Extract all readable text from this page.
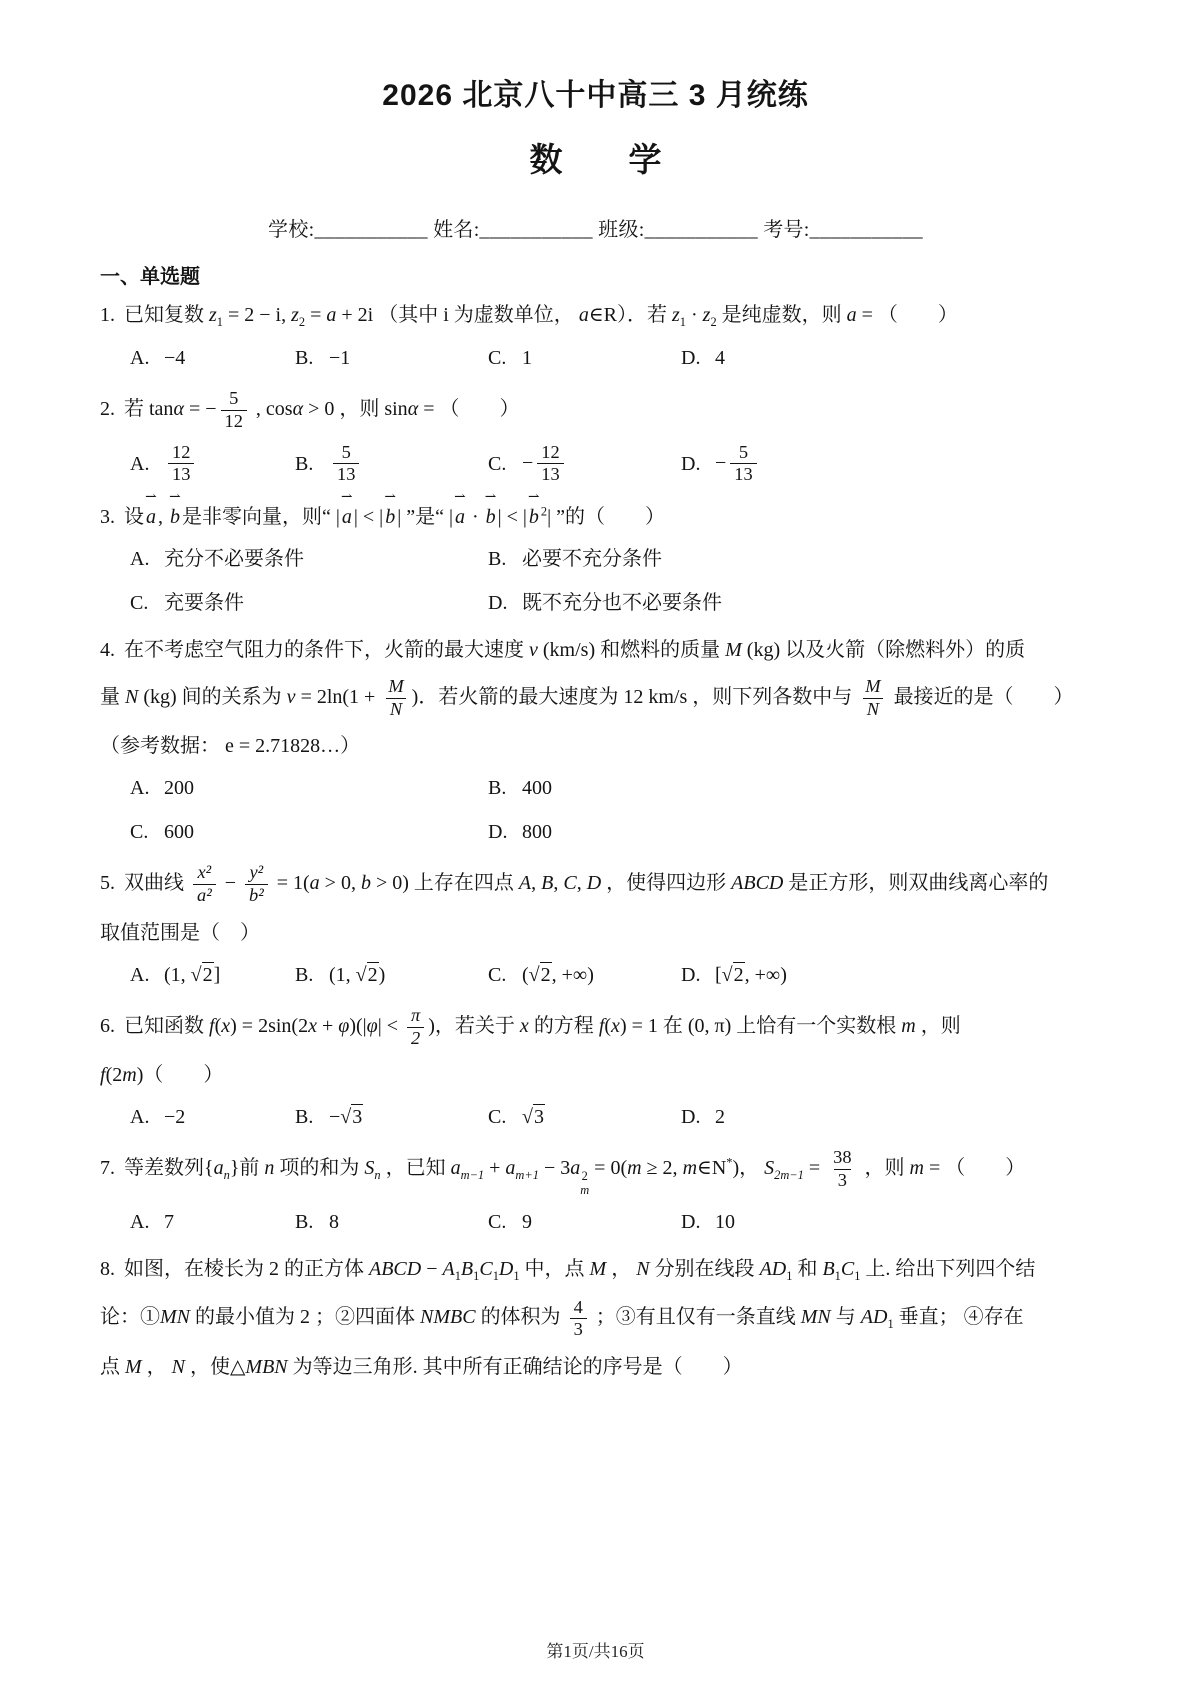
2026 北京八十中高三 3 月统练
数　　学
学校:___________ 姓名:___________ 班级:___________ 考号:___________
一、单选题
1. 已知复数 $z_1 = 2 - i$, $z_2 = a + 2i$ （其中 i 为虚数单位， a∈R）．若 $z_1 \cdot z_2$ 是纯虚数，则 a = （　　）
A. −4	B. −1	C. 1	D. 4
2. 若 tanα = − $\frac{5}{12}$ , cosα > 0 ，则 sinα = （　　）
A.	$\frac{12}{13}$	B.	$\frac{5}{13}$	C. − $\frac{12}{13}$	D. − $\frac{5}{13}$
3. 设 a
⇀
, b
⇀
是非零向量，则“ | a
⇀
| < | b
⇀
| ”是“ | a
⇀
· b
⇀
| < | b
⇀
$^2$| ”的（　　）
A. 充分不必要条件	B. 必要不充分条件
C. 充要条件	D. 既不充分也不必要条件
4. 在不考虑空气阻力的条件下，火箭的最大速度 v (km/s) 和燃料的质量 M (kg) 以及火箭（除燃料外）的质
量 N (kg) 间的关系为 $v = 2\ln(1 + \frac{M}{N}$ )．若火箭的最大速度为 12 km/s ，则下列各数中与 $\frac{M}{N}$ 最接近的是（　　）
（参考数据： e = 2.71828…）
A. 200	B. 400
C. 600	D. 800
5. 双曲线 $\frac{\text{x²}}{\text{a²}} - \frac{\text{y²}}{\text{b²}} = 1(a > 0$, b > 0) 上存在四点 A, B, C, D ，使得四边形 ABCD 是正方形，则双曲线离心率的
取值范围是（　）
A. (1, √2]	B. (1, √2)	C. (√2, +∞)	D. [√2, +∞)
6. 已知函数 $f(x) = 2\sin(2x + \varphi)(|\varphi| < \frac{\pi}{2}$ )，若关于 x 的方程 f(x) = 1 在 (0, π) 上恰有一个实数根 m ，则
f(2m)（　　）
A. −2	B. −√3	C. √3	D. 2
7. 等差数列$\{a_n\}$前 n 项的和为 $S_n$ ，已知 $a_{m-1} + a_{m+1} - 3a$ 2
m
= 0(m ≥ 2, m∈N*)， $S_{2m-1} = \frac{38}{3}$ ，则 m = （　　）
A. 7	B. 8	C. 9	D. 10
8. 如图，在棱长为 2 的正方体 ABCD − $A_1B_1C_1D_1$ 中，点 M ， N 分别在线段 $AD_1$ 和 $B_1C_1$ 上. 给出下列四个结
论：①MN 的最小值为 2 ；②四面体 NMBC 的体积为 $\frac{4}{3}$ ；③有且仅有一条直线 MN 与 $AD_1$ 垂直； ④存在
点 M ， N ，使△MBN 为等边三角形. 其中所有正确结论的序号是（　　）
第1页/共16页
